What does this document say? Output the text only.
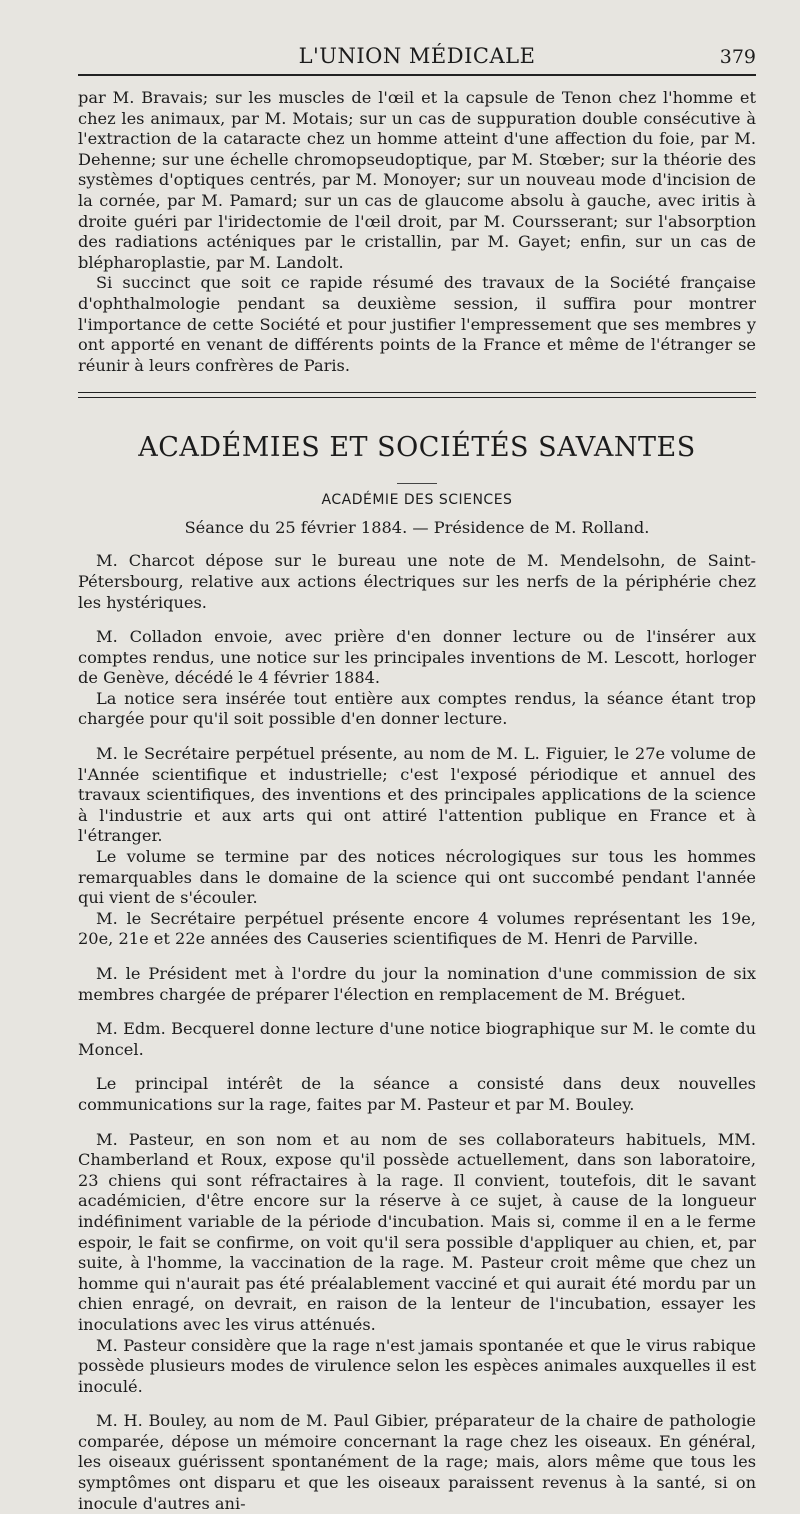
L'UNION MÉDICALE	379

par M. Bravais; sur les muscles de l'œil et la capsule de Tenon chez l'homme et chez les animaux, par M. Motais; sur un cas de suppuration double consécutive à l'extraction de la cataracte chez un homme atteint d'une affection du foie, par M. Dehenne; sur une échelle chromopseudoptique, par M. Stœber; sur la théorie des systèmes d'optiques centrés, par M. Monoyer; sur un nouveau mode d'incision de la cornée, par M. Pamard; sur un cas de glaucome absolu à gauche, avec iritis à droite guéri par l'iridectomie de l'œil droit, par M. Coursserant; sur l'absorption des radiations acténiques par le cristallin, par M. Gayet; enfin, sur un cas de blépharoplastie, par M. Landolt.

Si succinct que soit ce rapide résumé des travaux de la Société française d'ophthalmologie pendant sa deuxième session, il suffira pour montrer l'importance de cette Société et pour justifier l'empressement que ses membres y ont apporté en venant de différents points de la France et même de l'étranger se réunir à leurs confrères de Paris.

ACADÉMIES ET SOCIÉTÉS SAVANTES
ACADÉMIE DES SCIENCES
Séance du 25 février 1884. — Présidence de M. Rolland.

M. Charcot dépose sur le bureau une note de M. Mendelsohn, de Saint-Pétersbourg, relative aux actions électriques sur les nerfs de la périphérie chez les hystériques.

M. Colladon envoie, avec prière d'en donner lecture ou de l'insérer aux comptes rendus, une notice sur les principales inventions de M. Lescott, horloger de Genève, décédé le 4 février 1884.

La notice sera insérée tout entière aux comptes rendus, la séance étant trop chargée pour qu'il soit possible d'en donner lecture.

M. le Secrétaire perpétuel présente, au nom de M. L. Figuier, le 27e volume de l'Année scientifique et industrielle; c'est l'exposé périodique et annuel des travaux scientifiques, des inventions et des principales applications de la science à l'industrie et aux arts qui ont attiré l'attention publique en France et à l'étranger.

Le volume se termine par des notices nécrologiques sur tous les hommes remarquables dans le domaine de la science qui ont succombé pendant l'année qui vient de s'écouler.

M. le Secrétaire perpétuel présente encore 4 volumes représentant les 19e, 20e, 21e et 22e années des Causeries scientifiques de M. Henri de Parville.

M. le Président met à l'ordre du jour la nomination d'une commission de six membres chargée de préparer l'élection en remplacement de M. Bréguet.

M. Edm. Becquerel donne lecture d'une notice biographique sur M. le comte du Moncel.

Le principal intérêt de la séance a consisté dans deux nouvelles communications sur la rage, faites par M. Pasteur et par M. Bouley.

M. Pasteur, en son nom et au nom de ses collaborateurs habituels, MM. Chamberland et Roux, expose qu'il possède actuellement, dans son laboratoire, 23 chiens qui sont réfractaires à la rage. Il convient, toutefois, dit le savant académicien, d'être encore sur la réserve à ce sujet, à cause de la longueur indéfiniment variable de la période d'incubation. Mais si, comme il en a le ferme espoir, le fait se confirme, on voit qu'il sera possible d'appliquer au chien, et, par suite, à l'homme, la vaccination de la rage. M. Pasteur croit même que chez un homme qui n'aurait pas été préalablement vacciné et qui aurait été mordu par un chien enragé, on devrait, en raison de la lenteur de l'incubation, essayer les inoculations avec les virus atténués.

M. Pasteur considère que la rage n'est jamais spontanée et que le virus rabique possède plusieurs modes de virulence selon les espèces animales auxquelles il est inoculé.

M. H. Bouley, au nom de M. Paul Gibier, préparateur de la chaire de pathologie comparée, dépose un mémoire concernant la rage chez les oiseaux. En général, les oiseaux guérissent spontanément de la rage; mais, alors même que tous les symptômes ont disparu et que les oiseaux paraissent revenus à la santé, si on inocule d'autres ani-
